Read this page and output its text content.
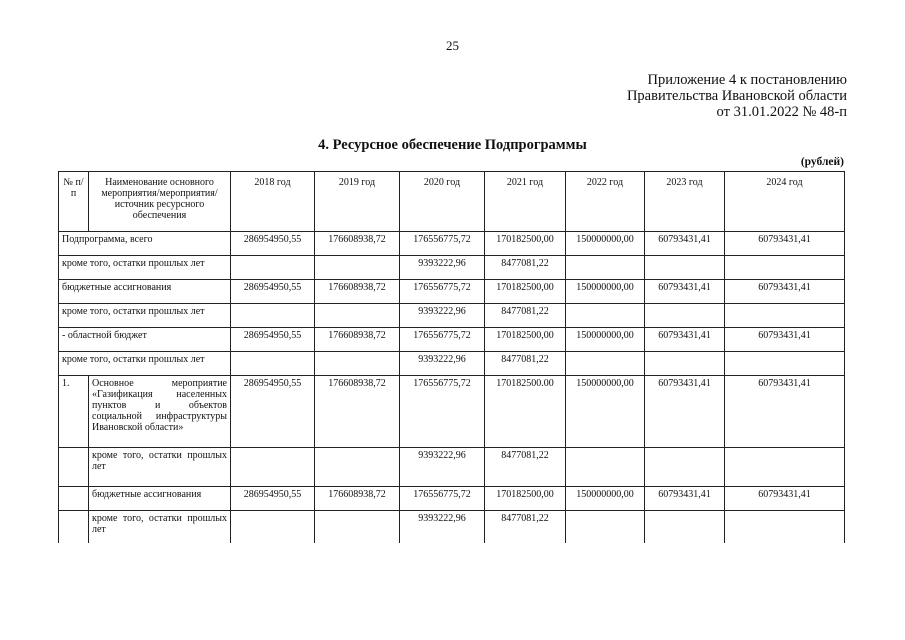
25
Приложение 4 к постановлению
Правительства Ивановской области
от 31.01.2022 № 48-п
4. Ресурсное обеспечение Подпрограммы
(рублей)
№ п/п	Наименование основного мероприятия/мероприятия/ источник ресурсного обеспечения	2018 год	2019 год	2020 год	2021 год	2022 год	2023 год	2024 год
Подпрограмма, всего		286954950,55	176608938,72	176556775,72	170182500,00	150000000,00	60793431,41	60793431,41
кроме того, остатки прошлых лет				9393222,96	8477081,22			
бюджетные ассигнования		286954950,55	176608938,72	176556775,72	170182500,00	150000000,00	60793431,41	60793431,41
кроме того, остатки прошлых лет				9393222,96	8477081,22			
- областной бюджет		286954950,55	176608938,72	176556775,72	170182500,00	150000000,00	60793431,41	60793431,41
кроме того, остатки прошлых лет				9393222,96	8477081,22			
1.	Основное мероприятие «Газификация населенных пунктов и объектов социальной инфраструктуры Ивановской области»	286954950,55	176608938,72	176556775,72	170182500.00	150000000,00	60793431,41	60793431,41
	кроме того, остатки прошлых лет			9393222,96	8477081,22			
	бюджетные ассигнования	286954950,55	176608938,72	176556775,72	170182500,00	150000000,00	60793431,41	60793431,41
	кроме того, остатки прошлых лет			9393222,96	8477081,22			
